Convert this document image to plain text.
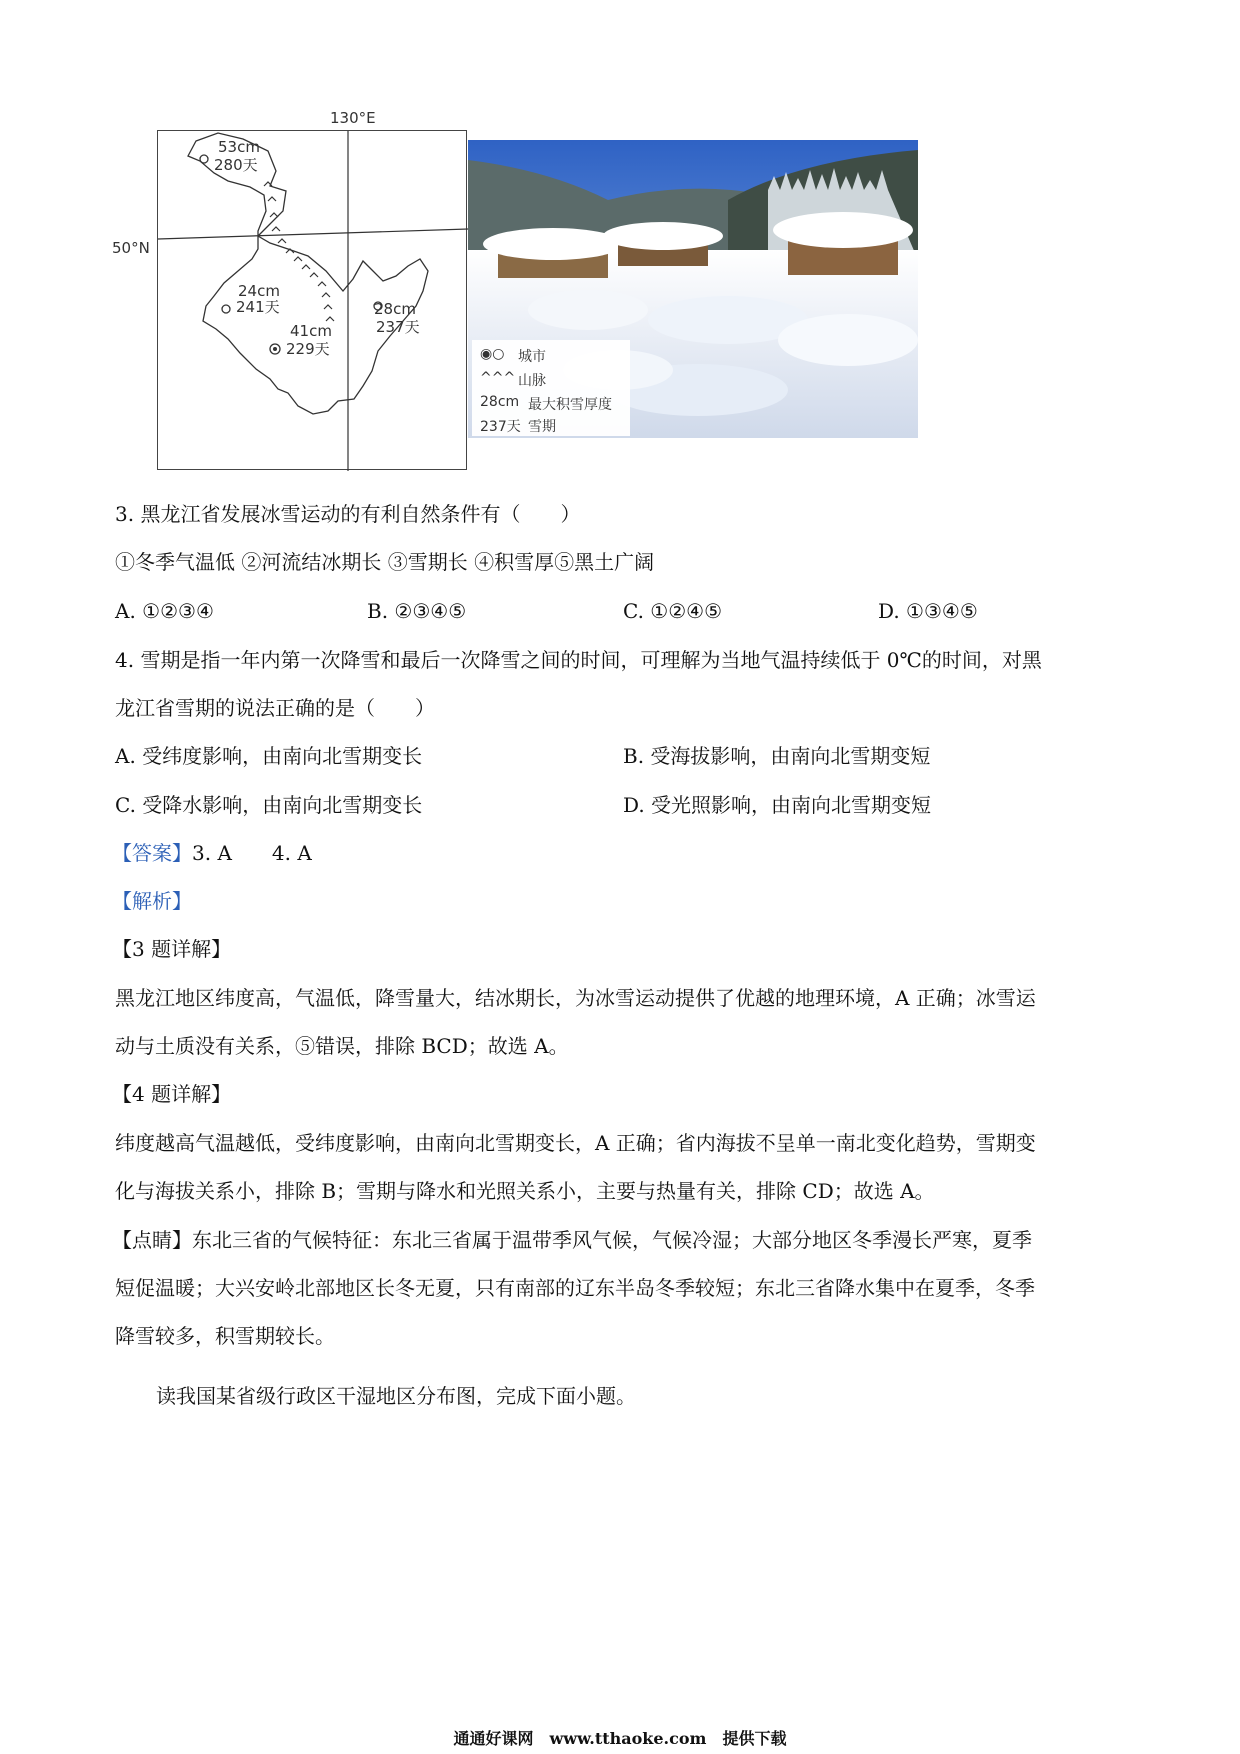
130°E
50°N
53cm
280天
24cm
241天
41cm
229天
28cm
237天
◉○ 城市
^^^ 山脉
28cm 最大积雪厚度
237天 雪期
3. 黑龙江省发展冰雪运动的有利自然条件有（　　）
①冬季气温低 ②河流结冰期长 ③雪期长 ④积雪厚⑤黑土广阔
A. ①②③④	B. ②③④⑤	C. ①②④⑤	D. ①③④⑤
4. 雪期是指一年内第一次降雪和最后一次降雪之间的时间，可理解为当地气温持续低于 0℃的时间，对黑
龙江省雪期的说法正确的是（　　）
A. 受纬度影响，由南向北雪期变长	B. 受海拔影响，由南向北雪期变短
C. 受降水影响，由南向北雪期变长	D. 受光照影响，由南向北雪期变短
【答案】3. A　　4. A
【解析】
【3 题详解】
黑龙江地区纬度高，气温低，降雪量大，结冰期长，为冰雪运动提供了优越的地理环境，A 正确；冰雪运
动与土质没有关系，⑤错误，排除 BCD；故选 A。
【4 题详解】
纬度越高气温越低，受纬度影响，由南向北雪期变长，A 正确；省内海拔不呈单一南北变化趋势，雪期变
化与海拔关系小，排除 B；雪期与降水和光照关系小，主要与热量有关，排除 CD；故选 A。
【点睛】东北三省的气候特征：东北三省属于温带季风气候，气候冷湿；大部分地区冬季漫长严寒，夏季
短促温暖；大兴安岭北部地区长冬无夏，只有南部的辽东半岛冬季较短；东北三省降水集中在夏季，冬季
降雪较多，积雪期较长。
读我国某省级行政区干湿地区分布图，完成下面小题。
通通好课网　www.tthaoke.com　提供下载
